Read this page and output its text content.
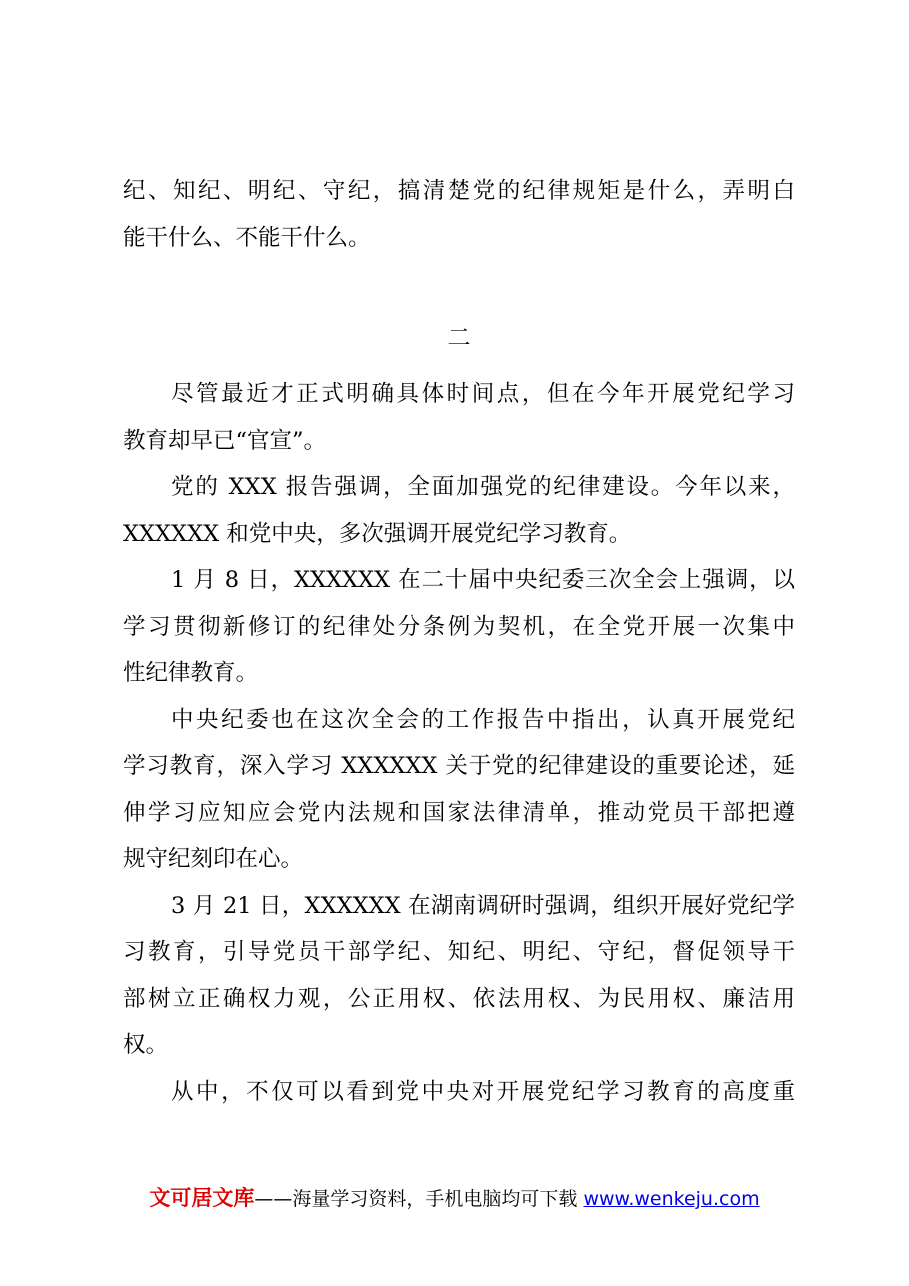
纪、知纪、明纪、守纪，搞清楚党的纪律规矩是什么，弄明白
能干什么、不能干什么。
二
尽管最近才正式明确具体时间点，但在今年开展党纪学习
教育却早已“官宣”。
党的 XXX 报告强调，全面加强党的纪律建设。今年以来，
XXXXXX 和党中央，多次强调开展党纪学习教育。
1 月 8 日，XXXXXX 在二十届中央纪委三次全会上强调，以
学习贯彻新修订的纪律处分条例为契机，在全党开展一次集中
性纪律教育。
中央纪委也在这次全会的工作报告中指出，认真开展党纪
学习教育，深入学习 XXXXXX 关于党的纪律建设的重要论述，延
伸学习应知应会党内法规和国家法律清单，推动党员干部把遵
规守纪刻印在心。
3 月 21 日，XXXXXX 在湖南调研时强调，组织开展好党纪学
习教育，引导党员干部学纪、知纪、明纪、守纪，督促领导干
部树立正确权力观，公正用权、依法用权、为民用权、廉洁用
权。
从中，不仅可以看到党中央对开展党纪学习教育的高度重
文可居文库——海量学习资料，手机电脑均可下载 www.wenkeju.com
